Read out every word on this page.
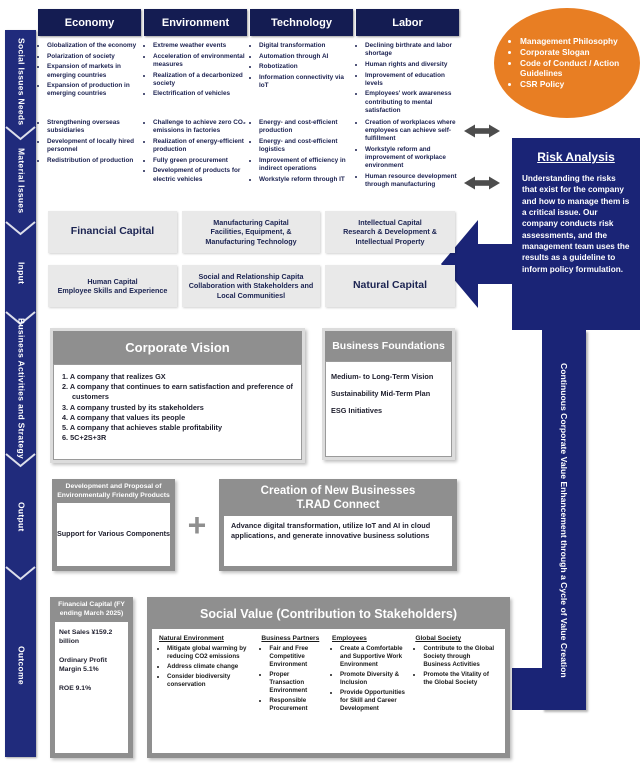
Social Issues Needs
Material Issues
Input
Business Activities and Strategy
Output
Outcome
Economy
• Globalization of the economy
• Polarization of society
• Expansion of markets in emerging countries
• Expansion of production in emerging countries
• Strengthening overseas subsidiaries
• Development of locally hired personnel
• Redistribution of production
Environment
• Extreme weather events
• Acceleration of environmental measures
• Realization of a decarbonized society
• Electrification of vehicles
• Challenge to achieve zero CO₂ emissions in factories
• Realization of energy-efficient production
• Fully green procurement
• Development of products for electric vehicles
Technology
• Digital transformation
• Automation through AI
• Robotization
• Information connectivity via IoT
• Energy- and cost-efficient production
• Energy- and cost-efficient logistics
• Improvement of efficiency in indirect operations
• Workstyle reform through IT
Labor
• Declining birthrate and labor shortage
• Human rights and diversity
• Improvement of education levels
• Employees' work awareness contributing to mental satisfaction
• Creation of workplaces where employees can achieve self-fulfillment
• Workstyle reform and improvement of workplace environment
• Human resource development through manufacturing
• Management Philosophy
• Corporate Slogan
• Code of Conduct / Action Guidelines
• CSR Policy
Risk Analysis
Understanding the risks that exist for the company and how to manage them is a critical issue. Our company conducts risk assessments, and the management team uses the results as a guideline to inform policy formulation.
Continuous Corporate Value Enhancement through a Cycle of Value Creation
Financial Capital
Manufacturing Capital
Facilities, Equipment, & Manufacturing Technology
Intellectual Capital
Research & Development & Intellectual Property
Human Capital
Employee Skills and Experience
Social and Relationship Capita
Collaboration with Stakeholders and Local Communitiesl
Natural Capital
Corporate Vision
1. A company that realizes GX
2. A company that continues to earn satisfaction and preference of customers
3. A company trusted by its stakeholders
4. A company that values its people
5. A company that achieves stable profitability
6. 5C+2S+3R
Business Foundations
Medium- to Long-Term Vision
Sustainability Mid-Term Plan
ESG Initiatives
Development and Proposal of Environmentally Friendly Products
Support for Various Components +
Creation of New Businesses
T.RAD Connect
Advance digital transformation, utilize IoT and AI in cloud applications, and generate innovative business solutions
Financial Capital (FY ending March 2025)
Net Sales ¥159.2 billion
Ordinary Profit Margin 5.1%
ROE 9.1%
Social Value (Contribution to Stakeholders)
Natural Environment
• Mitigate global warming by reducing CO2 emissions
• Address climate change
• Consider biodiversity conservation
Business Partners
• Fair and Free Competitive Environment
• Proper Transaction Environment
• Responsible Procurement
Employees
• Create a Comfortable and Supportive Work Environment
• Promote Diversity & Inclusion
• Provide Opportunities for Skill and Career Development
Global Society
• Contribute to the Global Society through Business Activities
• Promote the Vitality of the Global Society
